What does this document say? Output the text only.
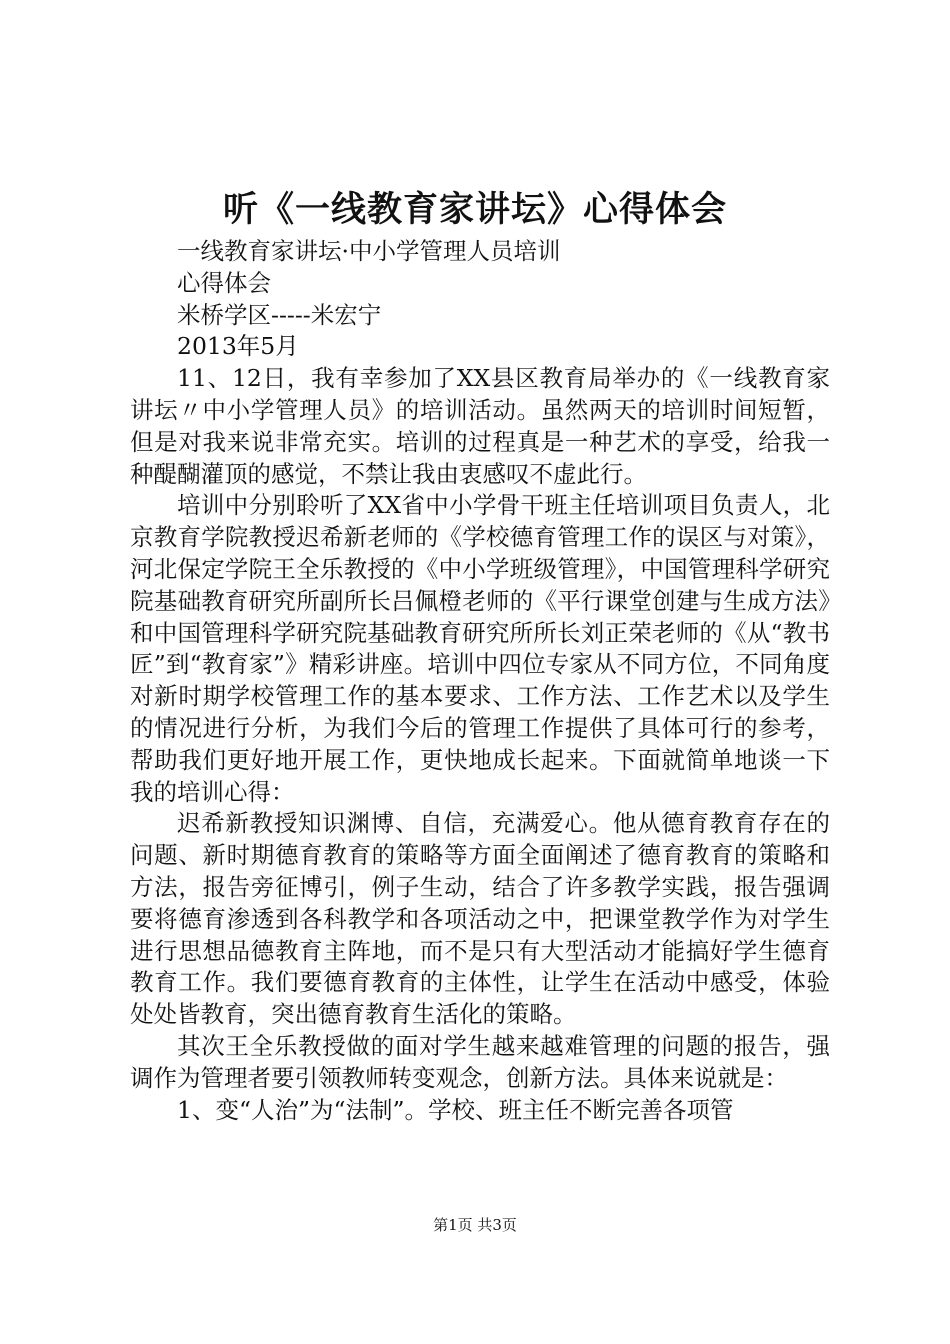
听《一线教育家讲坛》心得体会

一线教育家讲坛·中小学管理人员培训

心得体会

米桥学区-----米宏宁

2013年5月

11、12日，我有幸参加了XX县区教育局举办的《一线教育家讲坛〃中小学管理人员》的培训活动。虽然两天的培训时间短暂，但是对我来说非常充实。培训的过程真是一种艺术的享受，给我一种醍醐灌顶的感觉，不禁让我由衷感叹不虚此行。

培训中分别聆听了XX省中小学骨干班主任培训项目负责人，北京教育学院教授迟希新老师的《学校德育管理工作的误区与对策》，河北保定学院王全乐教授的《中小学班级管理》，中国管理科学研究院基础教育研究所副所长吕佩橙老师的《平行课堂创建与生成方法》和中国管理科学研究院基础教育研究所所长刘正荣老师的《从“教书匠”到“教育家”》精彩讲座。培训中四位专家从不同方位，不同角度对新时期学校管理工作的基本要求、工作方法、工作艺术以及学生的情况进行分析，为我们今后的管理工作提供了具体可行的参考，帮助我们更好地开展工作，更快地成长起来。下面就简单地谈一下我的培训心得：

迟希新教授知识渊博、自信，充满爱心。他从德育教育存在的问题、新时期德育教育的策略等方面全面阐述了德育教育的策略和方法，报告旁征博引，例子生动，结合了许多教学实践，报告强调要将德育渗透到各科教学和各项活动之中，把课堂教学作为对学生进行思想品德教育主阵地，而不是只有大型活动才能搞好学生德育教育工作。我们要德育教育的主体性，让学生在活动中感受，体验处处皆教育，突出德育教育生活化的策略。

其次王全乐教授做的面对学生越来越难管理的问题的报告，强调作为管理者要引领教师转变观念，创新方法。具体来说就是：

1、变“人治”为“法制”。学校、班主任不断完善各项管

第1页 共3页
